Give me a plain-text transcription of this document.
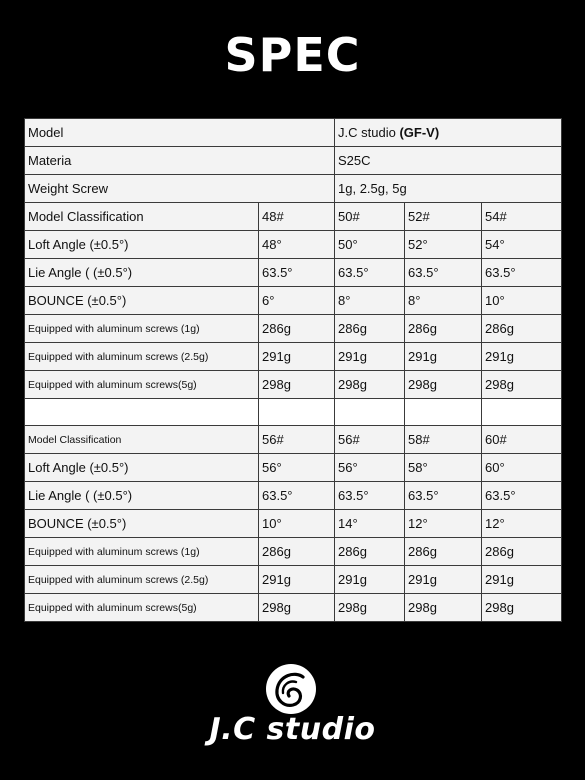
SPEC
Model		J.C studio (GF-V)		
Materia		S25C		
Weight Screw		1g, 2.5g, 5g		
Model Classification	48#	50#	52#	54#
Loft Angle (±0.5°)	48°	50°	52°	54°
Lie Angle ( (±0.5°)	63.5°	63.5°	63.5°	63.5°
BOUNCE (±0.5°)	6°	8°	8°	10°
Equipped with aluminum screws (1g)	286g	286g	286g	286g
Equipped with aluminum screws (2.5g)	291g	291g	291g	291g
Equipped with aluminum screws(5g)	298g	298g	298g	298g

Model Classification	56#	56#	58#	60#
Loft Angle (±0.5°)	56°	56°	58°	60°
Lie Angle ( (±0.5°)	63.5°	63.5°	63.5°	63.5°
BOUNCE (±0.5°)	10°	14°	12°	12°
Equipped with aluminum screws (1g)	286g	286g	286g	286g
Equipped with aluminum screws (2.5g)	291g	291g	291g	291g
Equipped with aluminum screws(5g)	298g	298g	298g	298g
J.C studio
